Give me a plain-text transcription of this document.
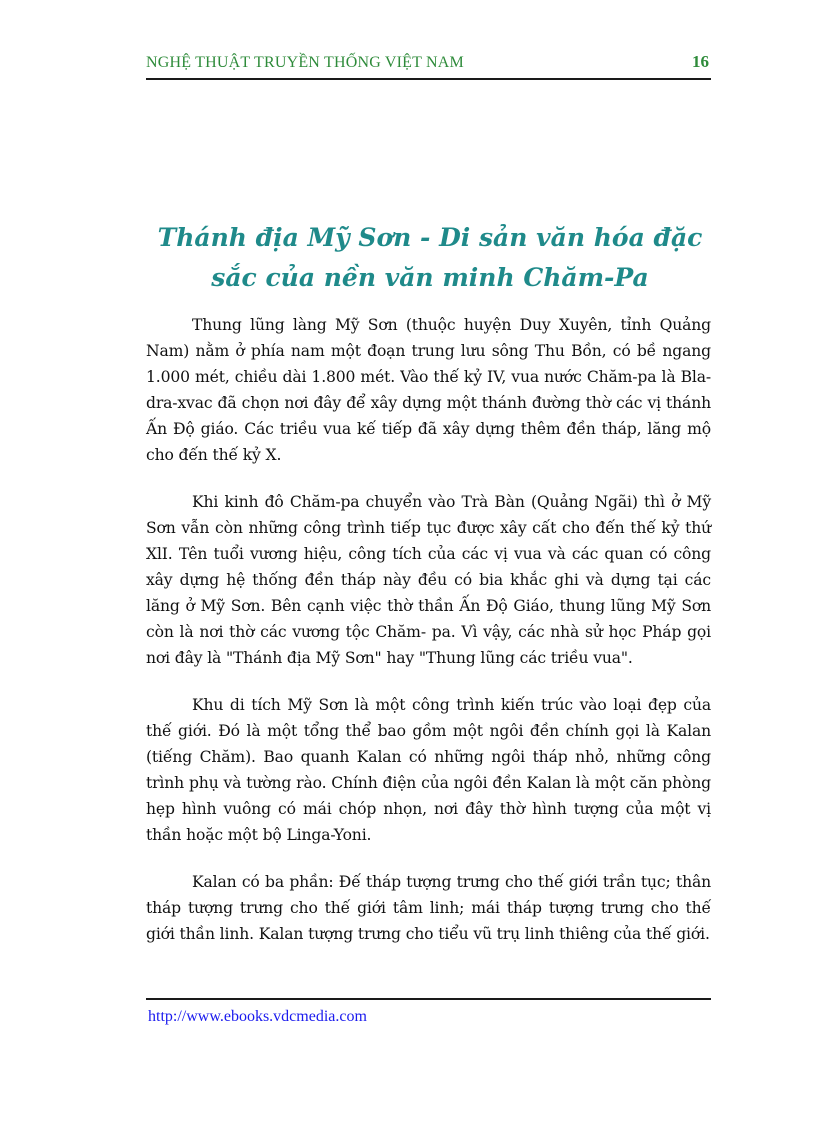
NGHỆ THUẬT TRUYỀN THỐNG VIỆT NAM	16
Thánh địa Mỹ Sơn - Di sản văn hóa đặc
sắc của nền văn minh Chăm-Pa

Thung lũng làng Mỹ Sơn (thuộc huyện Duy Xuyên, tỉnh Quảng Nam) nằm ở phía nam một đoạn trung lưu sông Thu Bồn, có bề ngang 1.000 mét, chiều dài 1.800 mét. Vào thế kỷ IV, vua nước Chăm-pa là Bla-dra-xvac đã chọn nơi đây để xây dựng một thánh đường thờ các vị thánh Ấn Độ giáo. Các triều vua kế tiếp đã xây dựng thêm đền tháp, lăng mộ cho đến thế kỷ X.

Khi kinh đô Chăm-pa chuyển vào Trà Bàn (Quảng Ngãi) thì ở Mỹ Sơn vẫn còn những công trình tiếp tục được xây cất cho đến thế kỷ thứ XlI. Tên tuổi vương hiệu, công tích của các vị vua và các quan có công xây dựng hệ thống đền tháp này đều có bia khắc ghi và dựng tại các lăng ở Mỹ Sơn. Bên cạnh việc thờ thần Ấn Độ Giáo, thung lũng Mỹ Sơn còn là nơi thờ các vương tộc Chăm- pa. Vì vậy, các nhà sử học Pháp gọi nơi đây là "Thánh địa Mỹ Sơn" hay "Thung lũng các triều vua".

Khu di tích Mỹ Sơn là một công trình kiến trúc vào loại đẹp của thế giới. Đó là một tổng thể bao gồm một ngôi đền chính gọi là Kalan (tiếng Chăm). Bao quanh Kalan có những ngôi tháp nhỏ, những công trình phụ và tường rào. Chính điện của ngôi đền Kalan là một căn phòng hẹp hình vuông có mái chóp nhọn, nơi đây thờ hình tượng của một vị thần hoặc một bộ Linga-Yoni.

Kalan có ba phần: Đế tháp tượng trưng cho thế giới trần tục; thân tháp tượng trưng cho thế giới tâm linh; mái tháp tượng trưng cho thế giới thần linh. Kalan tượng trưng cho tiểu vũ trụ linh thiêng của thế giới.

http://www.ebooks.vdcmedia.com
